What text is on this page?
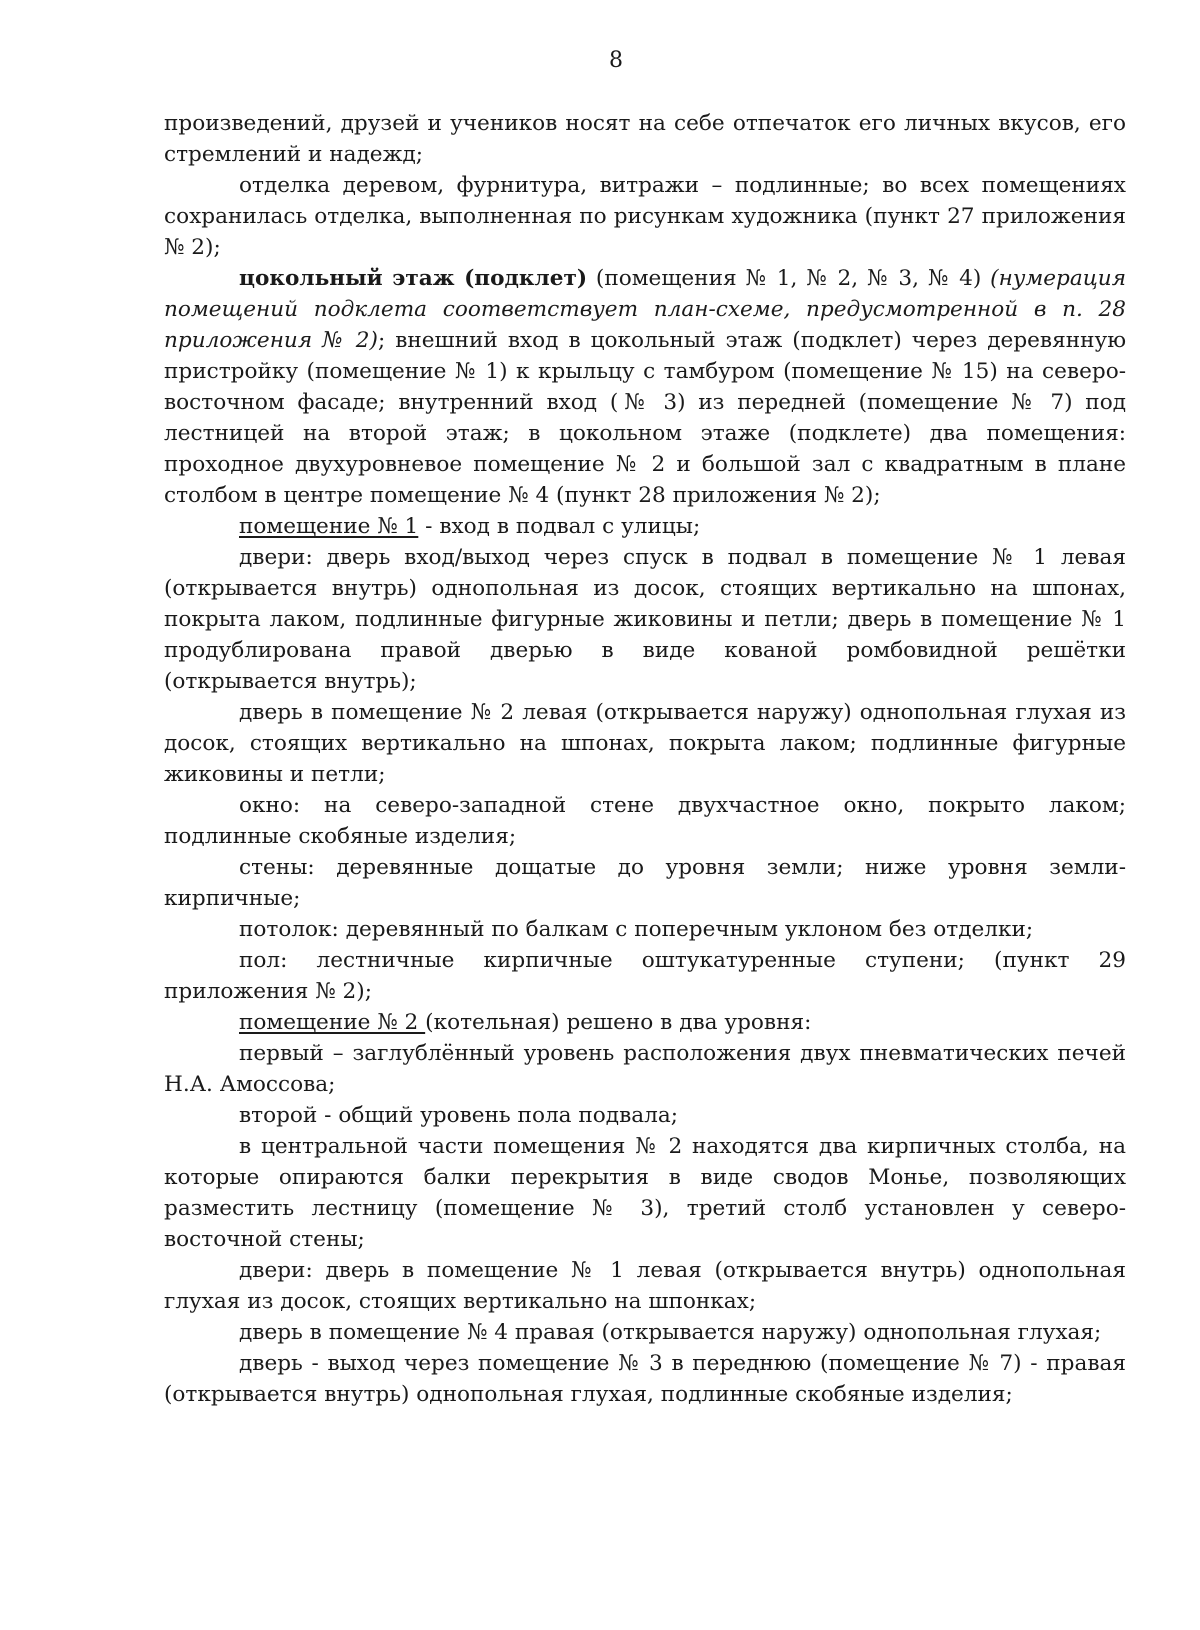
8

произведений, друзей и учеников носят на себе отпечаток его личных вкусов, его стремлений и надежд;

отделка деревом, фурнитура, витражи – подлинные; во всех помещениях сохранилась отделка, выполненная по рисункам художника (пункт 27 приложения № 2);

цокольный этаж (подклет) (помещения № 1, № 2, № 3, № 4) (нумерация помещений подклета соответствует план-схеме, предусмотренной в п. 28 приложения № 2); внешний вход в цокольный этаж (подклет) через деревянную пристройку (помещение № 1) к крыльцу с тамбуром (помещение № 15) на северо-восточном фасаде; внутренний вход (№ 3) из передней (помещение № 7) под лестницей на второй этаж; в цокольном этаже (подклете) два помещения: проходное двухуровневое помещение № 2 и большой зал с квадратным в плане столбом в центре помещение № 4 (пункт 28 приложения № 2);

помещение № 1 - вход в подвал с улицы;

двери: дверь вход/выход через спуск в подвал в помещение № 1 левая (открывается внутрь) однопольная из досок, стоящих вертикально на шпонах, покрыта лаком, подлинные фигурные жиковины и петли; дверь в помещение № 1 продублирована правой дверью в виде кованой ромбовидной решётки (открывается внутрь);

дверь в помещение № 2 левая (открывается наружу) однопольная глухая из досок, стоящих вертикально на шпонах, покрыта лаком; подлинные фигурные жиковины и петли;

окно: на северо-западной стене двухчастное окно, покрыто лаком; подлинные скобяные изделия;

стены: деревянные дощатые до уровня земли; ниже уровня земли- кирпичные;

потолок: деревянный по балкам с поперечным уклоном без отделки;

пол: лестничные кирпичные оштукатуренные ступени; (пункт 29 приложения № 2);

помещение № 2 (котельная) решено в два уровня:

первый – заглублённый уровень расположения двух пневматических печей Н.А. Амоссова;

второй - общий уровень пола подвала;

в центральной части помещения № 2 находятся два кирпичных столба, на которые опираются балки перекрытия в виде сводов Монье, позволяющих разместить лестницу (помещение № 3), третий столб установлен у северо-восточной стены;

двери: дверь в помещение № 1 левая (открывается внутрь) однопольная глухая из досок, стоящих вертикально на шпонках;

дверь в помещение № 4 правая (открывается наружу) однопольная глухая;

дверь - выход через помещение № 3 в переднюю (помещение № 7) - правая (открывается внутрь) однопольная глухая, подлинные скобяные изделия;
